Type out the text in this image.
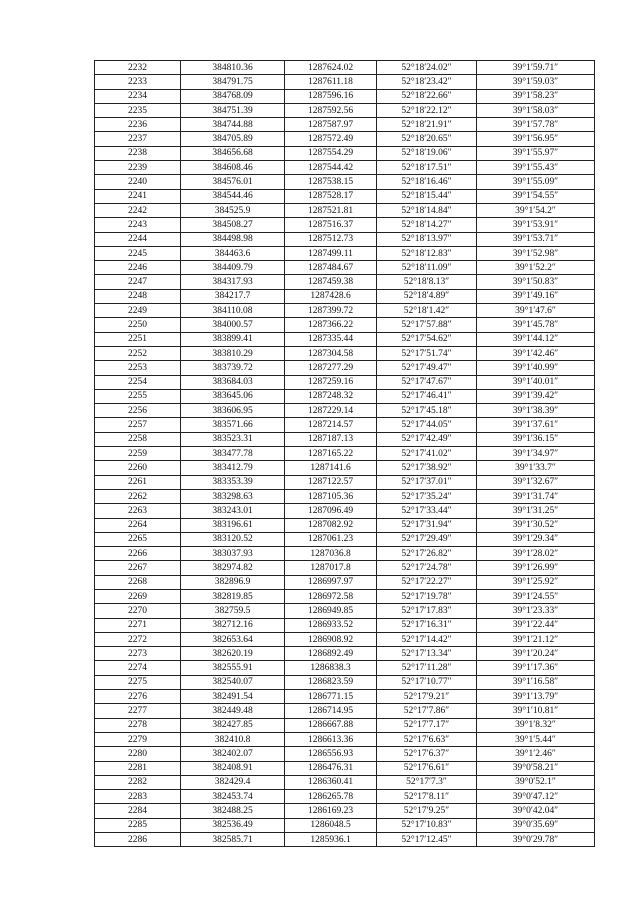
2232	384810.36	1287624.02	52°18′24.02″	39°1′59.71″
2233	384791.75	1287611.18	52°18′23.42″	39°1′59.03″
2234	384768.09	1287596.16	52°18′22.66″	39°1′58.23″
2235	384751.39	1287592.56	52°18′22.12″	39°1′58.03″
2236	384744.88	1287587.97	52°18′21.91″	39°1′57.78″
2237	384705.89	1287572.49	52°18′20.65″	39°1′56.95″
2238	384656.68	1287554.29	52°18′19.06″	39°1′55.97″
2239	384608.46	1287544.42	52°18′17.51″	39°1′55.43″
2240	384576.01	1287538.15	52°18′16.46″	39°1′55.09″
2241	384544.46	1287528.17	52°18′15.44″	39°1′54.55″
2242	384525.9	1287521.81	52°18′14.84″	39°1′54.2″
2243	384508.27	1287516.37	52°18′14.27″	39°1′53.91″
2244	384498.98	1287512.73	52°18′13.97″	39°1′53.71″
2245	384463.6	1287499.11	52°18′12.83″	39°1′52.98″
2246	384409.79	1287484.67	52°18′11.09″	39°1′52.2″
2247	384317.93	1287459.38	52°18′8.13″	39°1′50.83″
2248	384217.7	1287428.6	52°18′4.89″	39°1′49.16″
2249	384110.08	1287399.72	52°18′1.42″	39°1′47.6″
2250	384000.57	1287366.22	52°17′57.88″	39°1′45.78″
2251	383899.41	1287335.44	52°17′54.62″	39°1′44.12″
2252	383810.29	1287304.58	52°17′51.74″	39°1′42.46″
2253	383739.72	1287277.29	52°17′49.47″	39°1′40.99″
2254	383684.03	1287259.16	52°17′47.67″	39°1′40.01″
2255	383645.06	1287248.32	52°17′46.41″	39°1′39.42″
2256	383606.95	1287229.14	52°17′45.18″	39°1′38.39″
2257	383571.66	1287214.57	52°17′44.05″	39°1′37.61″
2258	383523.31	1287187.13	52°17′42.49″	39°1′36.15″
2259	383477.78	1287165.22	52°17′41.02″	39°1′34.97″
2260	383412.79	1287141.6	52°17′38.92″	39°1′33.7″
2261	383353.39	1287122.57	52°17′37.01″	39°1′32.67″
2262	383298.63	1287105.36	52°17′35.24″	39°1′31.74″
2263	383243.01	1287096.49	52°17′33.44″	39°1′31.25″
2264	383196.61	1287082.92	52°17′31.94″	39°1′30.52″
2265	383120.52	1287061.23	52°17′29.49″	39°1′29.34″
2266	383037.93	1287036.8	52°17′26.82″	39°1′28.02″
2267	382974.82	1287017.8	52°17′24.78″	39°1′26.99″
2268	382896.9	1286997.97	52°17′22.27″	39°1′25.92″
2269	382819.85	1286972.58	52°17′19.78″	39°1′24.55″
2270	382759.5	1286949.85	52°17′17.83″	39°1′23.33″
2271	382712.16	1286933.52	52°17′16.31″	39°1′22.44″
2272	382653.64	1286908.92	52°17′14.42″	39°1′21.12″
2273	382620.19	1286892.49	52°17′13.34″	39°1′20.24″
2274	382555.91	1286838.3	52°17′11.28″	39°1′17.36″
2275	382540.07	1286823.59	52°17′10.77″	39°1′16.58″
2276	382491.54	1286771.15	52°17′9.21″	39°1′13.79″
2277	382449.48	1286714.95	52°17′7.86″	39°1′10.81″
2278	382427.85	1286667.88	52°17′7.17″	39°1′8.32″
2279	382410.8	1286613.36	52°17′6.63″	39°1′5.44″
2280	382402.07	1286556.93	52°17′6.37″	39°1′2.46″
2281	382408.91	1286476.31	52°17′6.61″	39°0′58.21″
2282	382429.4	1286360.41	52°17′7.3″	39°0′52.1″
2283	382453.74	1286265.78	52°17′8.11″	39°0′47.12″
2284	382488.25	1286169.23	52°17′9.25″	39°0′42.04″
2285	382536.49	1286048.5	52°17′10.83″	39°0′35.69″
2286	382585.71	1285936.1	52°17′12.45″	39°0′29.78″
